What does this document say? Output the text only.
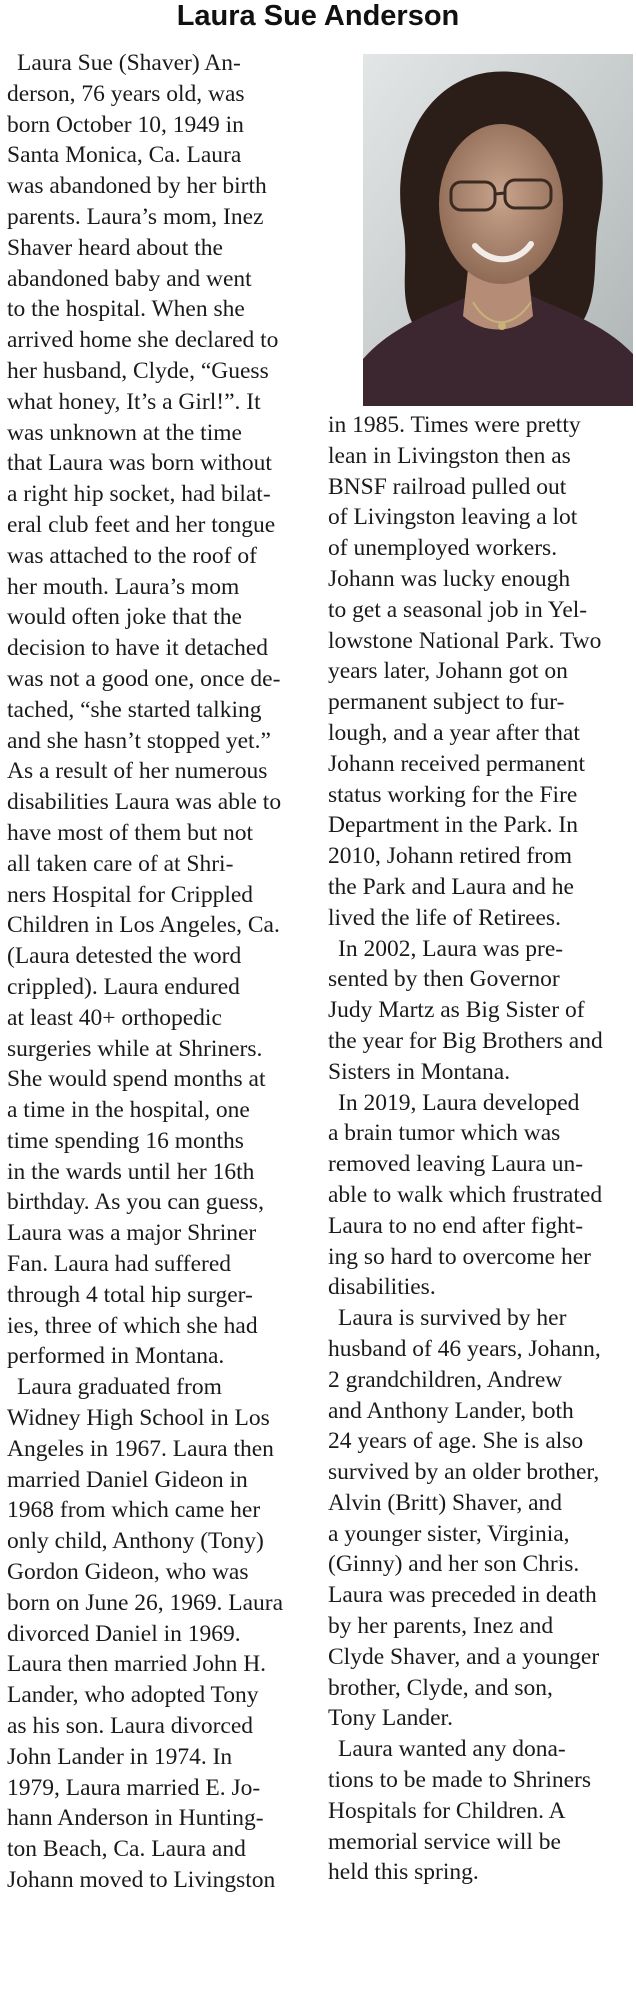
Laura Sue Anderson
Laura Sue (Shaver) An-
derson, 76 years old, was
born October 10, 1949 in
Santa Monica, Ca. Laura
was abandoned by her birth
parents. Laura’s mom, Inez
Shaver heard about the
abandoned baby and went
to the hospital. When she
arrived home she declared to
her husband, Clyde, “Guess
what honey, It’s a Girl!”. It
was unknown at the time
that Laura was born without
a right hip socket, had bilat-
eral club feet and her tongue
was attached to the roof of
her mouth. Laura’s mom
would often joke that the
decision to have it detached
was not a good one, once de-
tached, “she started talking
and she hasn’t stopped yet.”
As a result of her numerous
disabilities Laura was able to
have most of them but not
all taken care of at Shri-
ners Hospital for Crippled
Children in Los Angeles, Ca.
(Laura detested the word
crippled). Laura endured
at least 40+ orthopedic
surgeries while at Shriners.
She would spend months at
a time in the hospital, one
time spending 16 months
in the wards until her 16th
birthday. As you can guess,
Laura was a major Shriner
Fan. Laura had suffered
through 4 total hip surger-
ies, three of which she had
performed in Montana.
Laura graduated from
Widney High School in Los
Angeles in 1967. Laura then
married Daniel Gideon in
1968 from which came her
only child, Anthony (Tony)
Gordon Gideon, who was
born on June 26, 1969. Laura
divorced Daniel in 1969.
Laura then married John H.
Lander, who adopted Tony
as his son. Laura divorced
John Lander in 1974. In
1979, Laura married E. Jo-
hann Anderson in Hunting-
ton Beach, Ca. Laura and
Johann moved to Livingston
in 1985. Times were pretty
lean in Livingston then as
BNSF railroad pulled out
of Livingston leaving a lot
of unemployed workers.
Johann was lucky enough
to get a seasonal job in Yel-
lowstone National Park. Two
years later, Johann got on
permanent subject to fur-
lough, and a year after that
Johann received permanent
status working for the Fire
Department in the Park. In
2010, Johann retired from
the Park and Laura and he
lived the life of Retirees.
In 2002, Laura was pre-
sented by then Governor
Judy Martz as Big Sister of
the year for Big Brothers and
Sisters in Montana.
In 2019, Laura developed
a brain tumor which was
removed leaving Laura un-
able to walk which frustrated
Laura to no end after fight-
ing so hard to overcome her
disabilities.
Laura is survived by her
husband of 46 years, Johann,
2 grandchildren, Andrew
and Anthony Lander, both
24 years of age. She is also
survived by an older brother,
Alvin (Britt) Shaver, and
a younger sister, Virginia,
(Ginny) and her son Chris.
Laura was preceded in death
by her parents, Inez and
Clyde Shaver, and a younger
brother, Clyde, and son,
Tony Lander.
Laura wanted any dona-
tions to be made to Shriners
Hospitals for Children. A
memorial service will be
held this spring.
